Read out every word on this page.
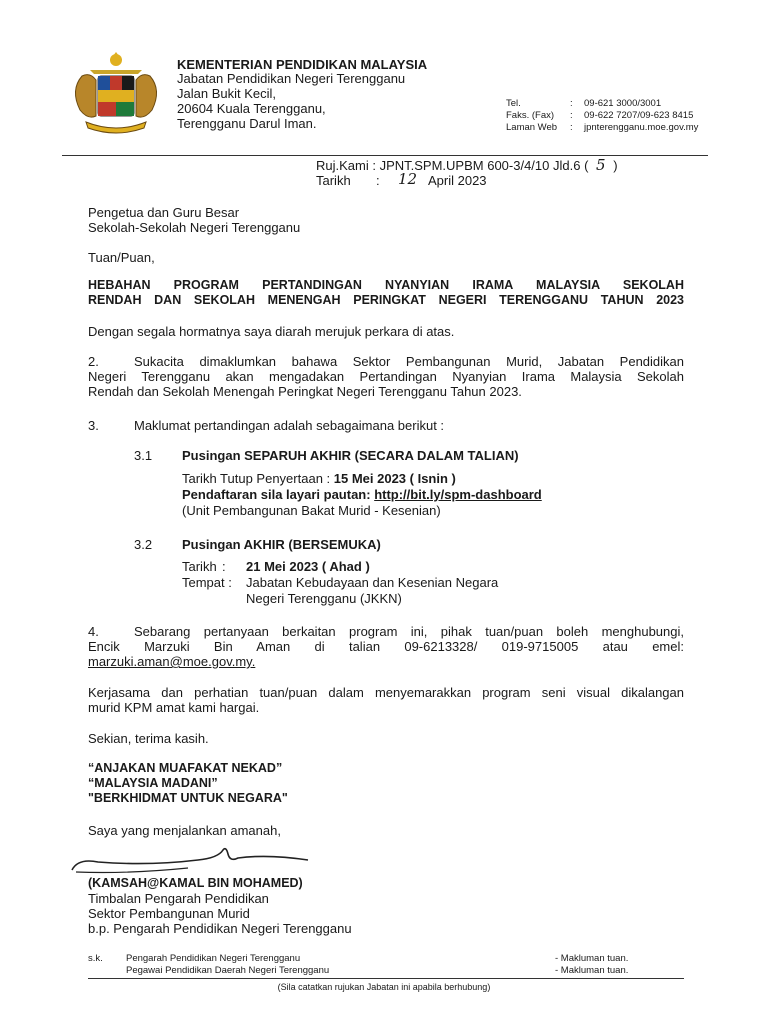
KEMENTERIAN PENDIDIKAN MALAYSIA
Jabatan Pendidikan Negeri Terengganu
Jalan Bukit Kecil,
20604 Kuala Terengganu,
Terengganu Darul Iman.
Tel.	: 09-621 3000/3001
Faks. (Fax) : 09-622 7207/09-623 8415
Laman Web : jpnterengganu.moe.gov.my
Ruj.Kami : JPNT.SPM.UPBM 600-3/4/10 Jld.6 ( 5 )
Tarikh : 12 April 2023
Pengetua dan Guru Besar
Sekolah-Sekolah Negeri Terengganu
Tuan/Puan,
HEBAHAN PROGRAM PERTANDINGAN NYANYIAN IRAMA MALAYSIA SEKOLAH
RENDAH DAN SEKOLAH MENENGAH PERINGKAT NEGERI TERENGGANU TAHUN 2023
Dengan segala hormatnya saya diarah merujuk perkara di atas.
2.	Sukacita dimaklumkan bahawa Sektor Pembangunan Murid, Jabatan Pendidikan
Negeri Terengganu akan mengadakan Pertandingan Nyanyian Irama Malaysia Sekolah
Rendah dan Sekolah Menengah Peringkat Negeri Terengganu Tahun 2023.
3.	Maklumat pertandingan adalah sebagaimana berikut :
3.1 Pusingan SEPARUH AKHIR (SECARA DALAM TALIAN)
Tarikh Tutup Penyertaan : 15 Mei 2023 ( Isnin )
Pendaftaran sila layari pautan: http://bit.ly/spm-dashboard
(Unit Pembangunan Bakat Murid - Kesenian)
3.2 Pusingan AKHIR (BERSEMUKA)
Tarikh : 21 Mei 2023 ( Ahad )
Tempat : Jabatan Kebudayaan dan Kesenian Negara
Negeri Terengganu (JKKN)
4.	Sebarang pertanyaan berkaitan program ini, pihak tuan/puan boleh menghubungi,
Encik Marzuki Bin Aman di talian 09-6213328/ 019-9715005 atau emel:
marzuki.aman@moe.gov.my.
Kerjasama dan perhatian tuan/puan dalam menyemarakkan program seni visual dikalangan
murid KPM amat kami hargai.
Sekian, terima kasih.
“ANJAKAN MUAFAKAT NEKAD”
“MALAYSIA MADANI”
"BERKHIDMAT UNTUK NEGARA"
Saya yang menjalankan amanah,
(KAMSAH@KAMAL BIN MOHAMED)
Timbalan Pengarah Pendidikan
Sektor Pembangunan Murid
b.p. Pengarah Pendidikan Negeri Terengganu
s.k. Pengarah Pendidikan Negeri Terengganu	- Makluman tuan.
Pegawai Pendidikan Daerah Negeri Terengganu	- Makluman tuan.
(Sila catatkan rujukan Jabatan ini apabila berhubung)
